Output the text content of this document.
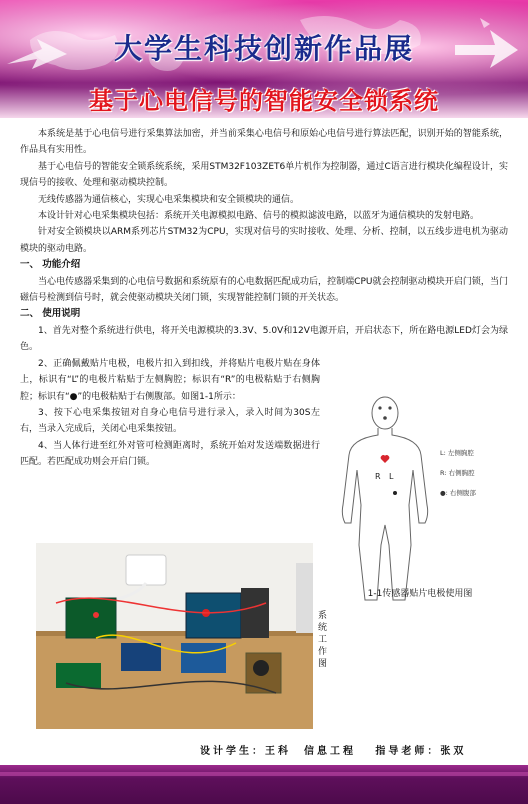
大学生科技创新作品展
基于心电信号的智能安全锁系统

本系统是基于心电信号进行采集算法加密，并当前采集心电信号和原始心电信号进行算法匹配，识别开始的智能系统，作品具有实用性。

基于心电信号的智能安全锁系统系统，采用STM32F103ZET6单片机作为控制器，通过C语言进行模块化编程设计，实现信号的接收、处理和驱动模块控制。

无线传感器为通信核心，实现心电采集模块和安全锁模块的通信。

本设计针对心电采集模块包括：系统开关电源模拟电路、信号的模拟滤波电路，以蓝牙为通信模块的发射电路。

针对安全锁模块以ARM系列芯片STM32为CPU，实现对信号的实时接收、处理、分析、控制，以五线步进电机为驱动模块的驱动电路。

一、 功能介绍

当心电传感器采集到的心电信号数据和系统原有的心电数据匹配成功后，控制端CPU就会控制驱动模块开启门锁，当门磁信号检测到信号时，就会使驱动模块关闭门锁，实现智能控制门锁的开关状态。

二、 使用说明

1、首先对整个系统进行供电，将开关电源模块的3.3V、5.0V和12V电源开启，开启状态下，所在路电源LED灯会为绿色。

2、正确佩戴贴片电极，电极片扣入到扣线，并将贴片电极片贴在身体上，标识有“L”的电极片粘贴于左侧胸腔；标识有“R”的电极粘贴于右侧胸腔；标识有“●”的电极粘贴于右侧腹部。如图1-1所示：

3、按下心电采集按钮对自身心电信号进行录入，录入时间为30S左右，当录入完成后，关闭心电采集按钮。

4、当人体行进至红外对管可检测距离时，系统开始对发送端数据进行匹配。若匹配成功则会开启门锁。

R L
L: 左侧胸腔
R: 右侧胸腔
●: 右侧腹部
1-1传感器贴片电极使用图
系统工作图
设计学生：王科 信息工程 指导老师：张双
